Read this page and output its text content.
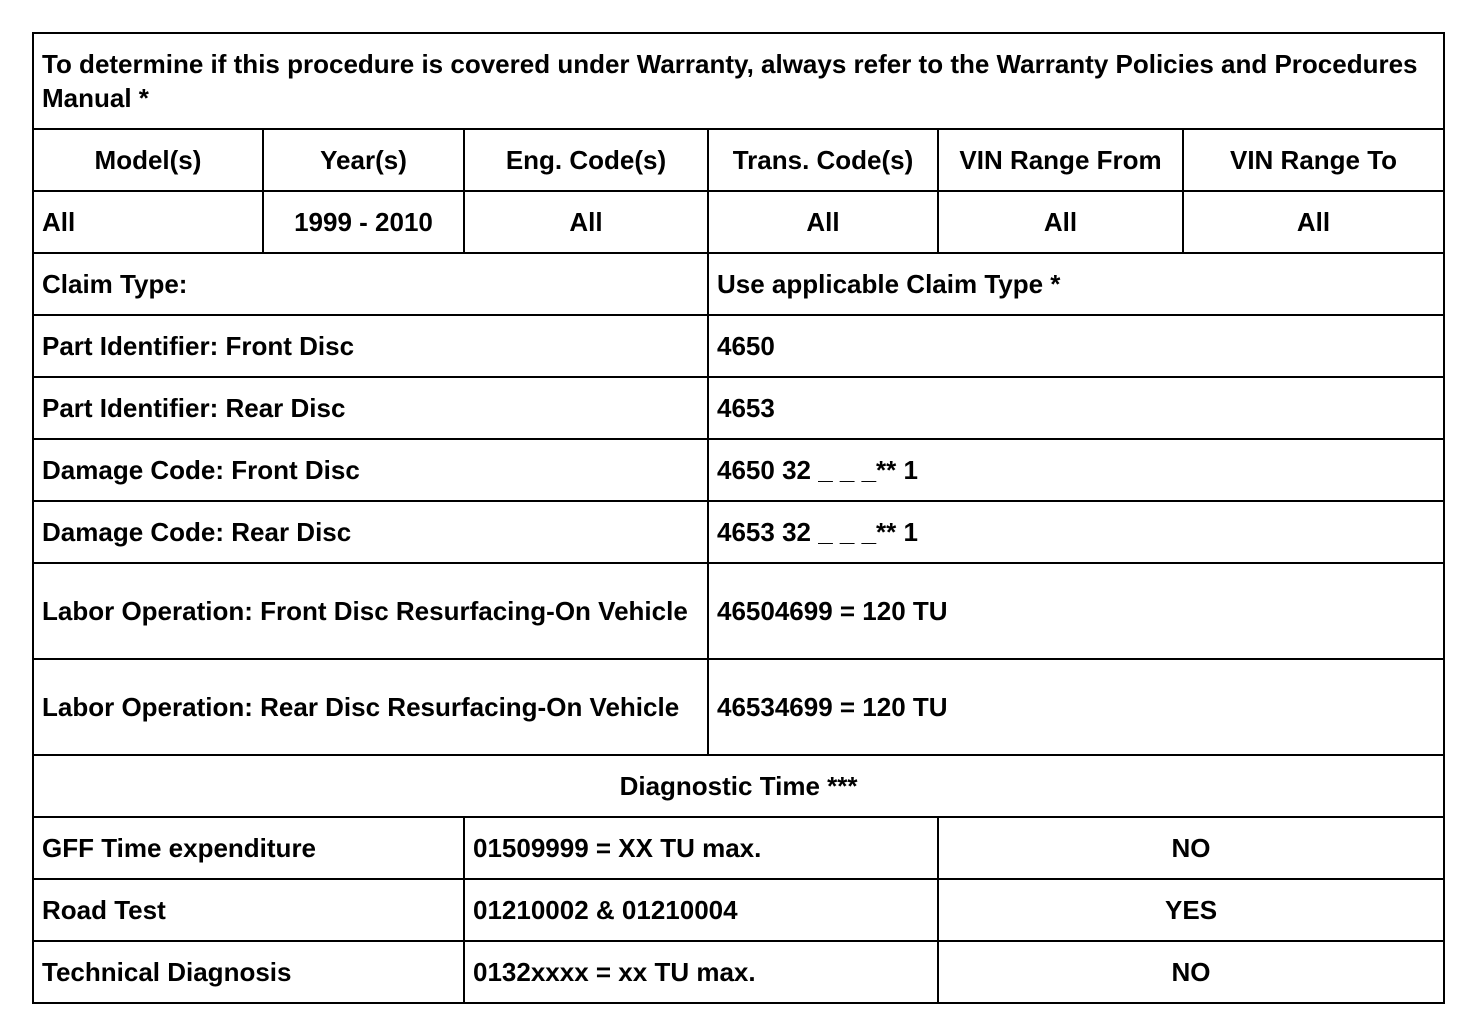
To determine if this procedure is covered under Warranty, always refer to the Warranty Policies and Procedures Manual *					
Model(s)	Year(s)	Eng. Code(s)	Trans. Code(s)	VIN Range From	VIN Range To
All	1999 - 2010	All	All	All	All
Claim Type:			Use applicable Claim Type *		
Part Identifier: Front Disc			4650		
Part Identifier: Rear Disc			4653		
Damage Code: Front Disc			4650 32 _ _ _** 1		
Damage Code: Rear Disc			4653 32 _ _ _** 1		
Labor Operation: Front Disc Resurfacing-On Vehicle			46504699 = 120 TU		
Labor Operation: Rear Disc Resurfacing-On Vehicle			46534699 = 120 TU		
Diagnostic Time ***					
GFF Time expenditure		01509999 = XX TU max.		NO	
Road Test		01210002 & 01210004		YES	
Technical Diagnosis		0132xxxx = xx TU max.		NO	
